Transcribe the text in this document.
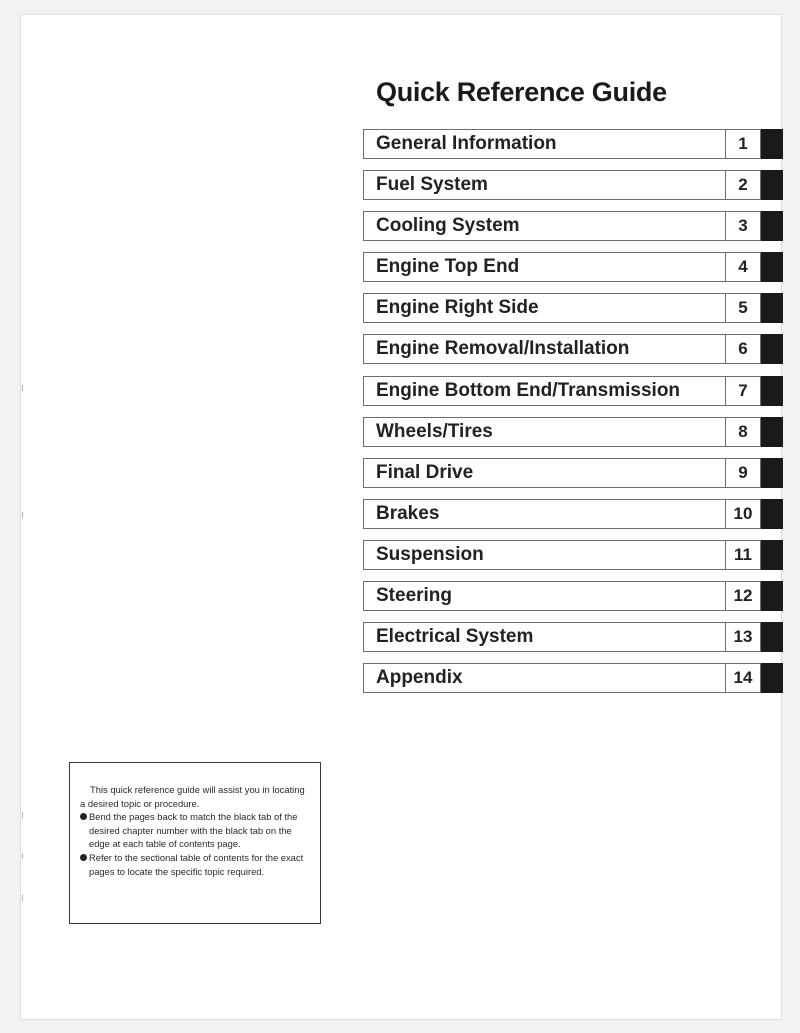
Quick Reference Guide
General Information	1
Fuel System	2
Cooling System	3
Engine Top End	4
Engine Right Side	5
Engine Removal/Installation	6
Engine Bottom End/Transmission	7
Wheels/Tires	8
Final Drive	9
Brakes	10
Suspension	11
Steering	12
Electrical System	13
Appendix	14
This quick reference guide will assist you in locating a desired topic or procedure.
Bend the pages back to match the black tab of the desired chapter number with the black tab on the edge at each table of contents page.
Refer to the sectional table of contents for the exact pages to locate the specific topic required.
